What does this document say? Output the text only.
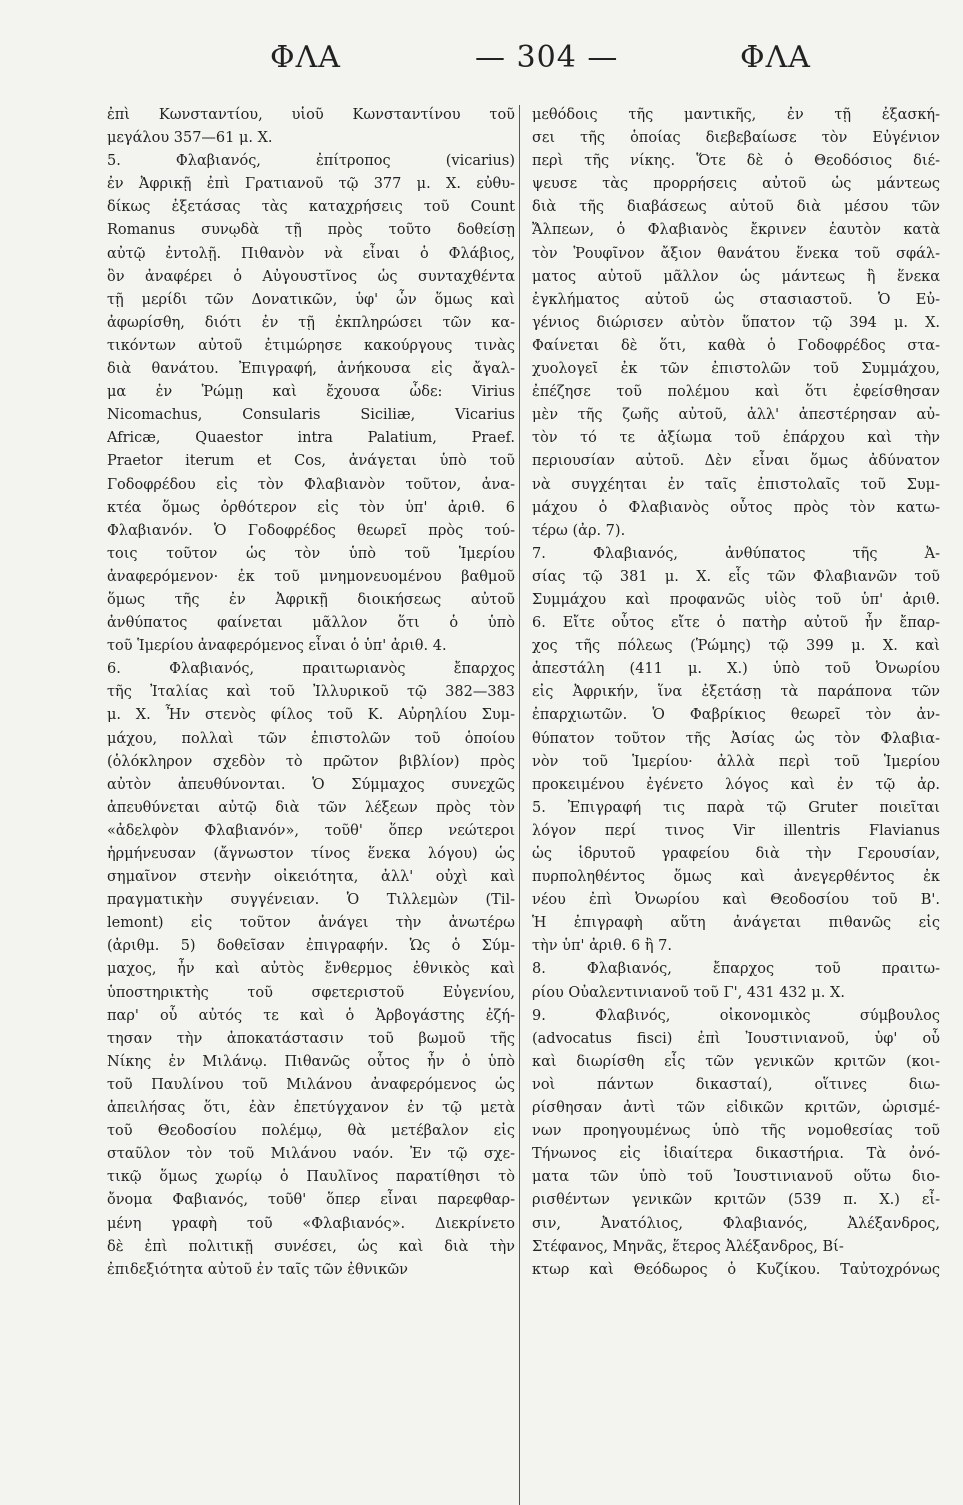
ΦΛΑ	— 304 —	ΦΛΑ
ἐπὶ Κωνσταντίου, υἱοῦ Κωνσταντίνου τοῦ
μεγάλου 357—61 μ. Χ.
5. Φλαβιανός, ἐπίτροπος (vicarius)
ἐν Ἀφρικῇ ἐπὶ Γρατιανοῦ τῷ 377 μ. Χ. εὐθυ-
δίκως ἐξετάσας τὰς καταχρήσεις τοῦ Count
Romanus συνῳδὰ τῇ πρὸς τοῦτο δοθείσῃ
αὐτῷ ἐντολῇ. Πιθανὸν νὰ εἶναι ὁ Φλάβιος,
ὃν ἀναφέρει ὁ Αὐγουστῖνος ὡς συνταχθέντα
τῇ μερίδι τῶν Δονατικῶν, ὑφ' ὧν ὅμως καὶ
ἀφωρίσθη, διότι ἐν τῇ ἐκπληρώσει τῶν κα-
τικόντων αὐτοῦ ἐτιμώρησε κακούργους τινὰς
διὰ θανάτου. Ἐπιγραφή, ἀνήκουσα εἰς ἄγαλ-
μα ἐν Ῥώμῃ καὶ ἔχουσα ὧδε: Virius
Nicomachus, Consularis Siciliæ, Vicarius
Africæ, Quaestor intra Palatium, Praef.
Praetor iterum et Cos, ἀνάγεται ὑπὸ τοῦ
Γοδοφρέδου εἰς τὸν Φλαβιανὸν τοῦτον, ἀνα-
κτέα ὅμως ὀρθότερον εἰς τὸν ὑπ' ἀριθ. 6
Φλαβιανόν. Ὁ Γοδοφρέδος θεωρεῖ πρὸς τού-
τοις τοῦτον ὡς τὸν ὑπὸ τοῦ Ἱμερίου
ἀναφερόμενον· ἐκ τοῦ μνημονευομένου βαθμοῦ
ὅμως τῆς ἐν Ἀφρικῇ διοικήσεως αὐτοῦ
ἀνθύπατος φαίνεται μᾶλλον ὅτι ὁ ὑπὸ
τοῦ Ἱμερίου ἀναφερόμενος εἶναι ὁ ὑπ' ἀριθ. 4.
6. Φλαβιανός, πραιτωριανὸς ἔπαρχος
τῆς Ἰταλίας καὶ τοῦ Ἰλλυρικοῦ τῷ 382—383
μ. Χ. Ἦν στενὸς φίλος τοῦ Κ. Αὐρηλίου Συμ-
μάχου, πολλαὶ τῶν ἐπιστολῶν τοῦ ὁποίου
(ὁλόκληρον σχεδὸν τὸ πρῶτον βιβλίον) πρὸς
αὐτὸν ἀπευθύνονται. Ὁ Σύμμαχος συνεχῶς
ἀπευθύνεται αὐτῷ διὰ τῶν λέξεων πρὸς τὸν
«ἀδελφὸν Φλαβιανόν», τοῦθ' ὅπερ νεώτεροι
ἡρμήνευσαν (ἄγνωστον τίνος ἕνεκα λόγου) ὡς
σημαῖνον στενὴν οἰκειότητα, ἀλλ' οὐχὶ καὶ
πραγματικὴν συγγένειαν. Ὁ Τιλλεμὼν (Til-
lemont) εἰς τοῦτον ἀνάγει τὴν ἀνωτέρω
(ἀριθμ. 5) δοθεῖσαν ἐπιγραφήν. Ὡς ὁ Σύμ-
μαχος, ἦν καὶ αὐτὸς ἔνθερμος ἐθνικὸς καὶ
ὑποστηρικτὴς τοῦ σφετεριστοῦ Εὐγενίου,
παρ' οὗ αὐτός τε καὶ ὁ Ἀρβογάστης ἐζή-
τησαν τὴν ἀποκατάστασιν τοῦ βωμοῦ τῆς
Νίκης ἐν Μιλάνῳ. Πιθανῶς οὗτος ἦν ὁ ὑπὸ
τοῦ Παυλίνου τοῦ Μιλάνου ἀναφερόμενος ὡς
ἀπειλήσας ὅτι, ἐὰν ἐπετύγχανον ἐν τῷ μετὰ
τοῦ Θεοδοσίου πολέμῳ, θὰ μετέβαλον εἰς
σταῦλον τὸν τοῦ Μιλάνου ναόν. Ἐν τῷ σχε-
τικῷ ὅμως χωρίῳ ὁ Παυλῖνος παρατίθησι τὸ
ὄνομα Φαβιανός, τοῦθ' ὅπερ εἶναι παρεφθαρ-
μένη γραφὴ τοῦ «Φλαβιανός». Διεκρίνετο
δὲ ἐπὶ πολιτικῇ συνέσει, ὡς καὶ διὰ τὴν
ἐπιδεξιότητα αὐτοῦ ἐν ταῖς τῶν ἐθνικῶν
μεθόδοις τῆς μαντικῆς, ἐν τῇ ἐξασκή-
σει τῆς ὁποίας διεβεβαίωσε τὸν Εὐγένιον
περὶ τῆς νίκης. Ὅτε δὲ ὁ Θεοδόσιος διέ-
ψευσε τὰς προρρήσεις αὐτοῦ ὡς μάντεως
διὰ τῆς διαβάσεως αὐτοῦ διὰ μέσου τῶν
Ἄλπεων, ὁ Φλαβιανὸς ἔκρινεν ἑαυτὸν κατὰ
τὸν Ῥουφῖνον ἄξιον θανάτου ἕνεκα τοῦ σφάλ-
ματος αὐτοῦ μᾶλλον ὡς μάντεως ἢ ἕνεκα
ἐγκλήματος αὐτοῦ ὡς στασιαστοῦ. Ὁ Εὐ-
γένιος διώρισεν αὐτὸν ὕπατον τῷ 394 μ. Χ.
Φαίνεται δὲ ὅτι, καθὰ ὁ Γοδοφρέδος στα-
χυολογεῖ ἐκ τῶν ἐπιστολῶν τοῦ Συμμάχου,
ἐπέζησε τοῦ πολέμου καὶ ὅτι ἐφείσθησαν
μὲν τῆς ζωῆς αὐτοῦ, ἀλλ' ἀπεστέρησαν αὐ-
τὸν τό τε ἀξίωμα τοῦ ἐπάρχου καὶ τὴν
περιουσίαν αὐτοῦ. Δὲν εἶναι ὅμως ἀδύνατον
νὰ συγχέηται ἐν ταῖς ἐπιστολαῖς τοῦ Συμ-
μάχου ὁ Φλαβιανὸς οὗτος πρὸς τὸν κατω-
τέρω (ἀρ. 7).
7. Φλαβιανός, ἀνθύπατος τῆς Ἀ-
σίας τῷ 381 μ. Χ. εἷς τῶν Φλαβιανῶν τοῦ
Συμμάχου καὶ προφανῶς υἱὸς τοῦ ὑπ' ἀριθ.
6. Εἴτε οὗτος εἴτε ὁ πατὴρ αὐτοῦ ἦν ἔπαρ-
χος τῆς πόλεως (Ῥώμης) τῷ 399 μ. Χ. καὶ
ἀπεστάλη (411 μ. Χ.) ὑπὸ τοῦ Ὀνωρίου
εἰς Ἀφρικήν, ἵνα ἐξετάσῃ τὰ παράπονα τῶν
ἐπαρχιωτῶν. Ὁ Φαβρίκιος θεωρεῖ τὸν ἀν-
θύπατον τοῦτον τῆς Ἀσίας ὡς τὸν Φλαβια-
νὸν τοῦ Ἱμερίου· ἀλλὰ περὶ τοῦ Ἱμερίου
προκειμένου ἐγένετο λόγος καὶ ἐν τῷ ἀρ.
5. Ἐπιγραφή τις παρὰ τῷ Gruter ποιεῖται
λόγον περί τινος Vir illentris Flavianus
ὡς ἱδρυτοῦ γραφείου διὰ τὴν Γερουσίαν,
πυρποληθέντος ὅμως καὶ ἀνεγερθέντος ἐκ
νέου ἐπὶ Ὀνωρίου καὶ Θεοδοσίου τοῦ Β'.
Ἡ ἐπιγραφὴ αὕτη ἀνάγεται πιθανῶς εἰς
τὴν ὑπ' ἀριθ. 6 ἢ 7.
8. Φλαβιανός, ἔπαρχος τοῦ πραιτω-
ρίου Οὐαλεντινιανοῦ τοῦ Γ', 431 432 μ. Χ.
9. Φλαβινός, οἰκονομικὸς σύμβουλος
(advocatus fisci) ἐπὶ Ἰουστινιανοῦ, ὑφ' οὗ
καὶ διωρίσθη εἷς τῶν γενικῶν κριτῶν (κοι-
νοὶ πάντων δικασταί), οἵτινες διω-
ρίσθησαν ἀντὶ τῶν εἰδικῶν κριτῶν, ὡρισμέ-
νων προηγουμένως ὑπὸ τῆς νομοθεσίας τοῦ
Τήνωνος εἰς ἰδιαίτερα δικαστήρια. Τὰ ὀνό-
ματα τῶν ὑπὸ τοῦ Ἰουστινιανοῦ οὕτω διο-
ρισθέντων γενικῶν κριτῶν (539 π. Χ.) εἶ-
σιν, Ἀνατόλιος, Φλαβιανός, Ἀλέξανδρος,
Στέφανος, Μηνᾶς, ἕτερος Ἀλέξανδρος, Βί-
κτωρ καὶ Θεόδωρος ὁ Κυζίκου. Ταὐτοχρόνως
